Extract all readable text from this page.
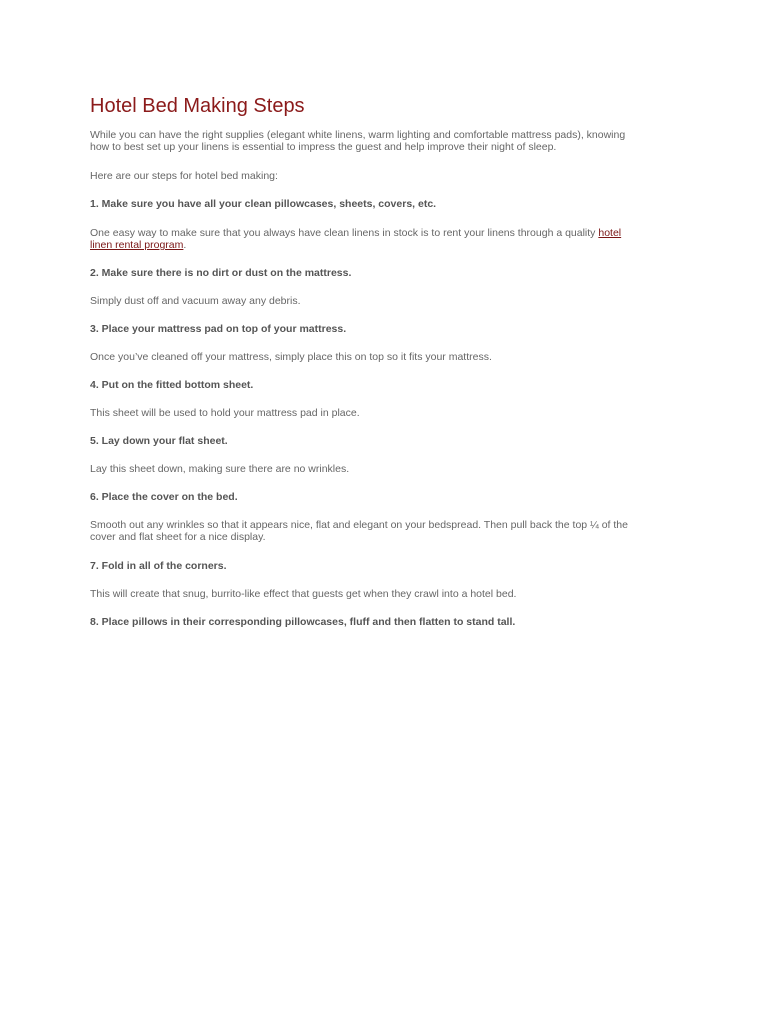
Hotel Bed Making Steps
While you can have the right supplies (elegant white linens, warm lighting and comfortable mattress pads), knowing
how to best set up your linens is essential to impress the guest and help improve their night of sleep.
Here are our steps for hotel bed making:
1. Make sure you have all your clean pillowcases, sheets, covers, etc.
One easy way to make sure that you always have clean linens in stock is to rent your linens through a quality hotel
linen rental program.
2. Make sure there is no dirt or dust on the mattress.
Simply dust off and vacuum away any debris.
3. Place your mattress pad on top of your mattress.
Once you’ve cleaned off your mattress, simply place this on top so it fits your mattress.
4. Put on the fitted bottom sheet.
This sheet will be used to hold your mattress pad in place.
5. Lay down your flat sheet.
Lay this sheet down, making sure there are no wrinkles.
6. Place the cover on the bed.
Smooth out any wrinkles so that it appears nice, flat and elegant on your bedspread. Then pull back the top ¼ of the
cover and flat sheet for a nice display.
7. Fold in all of the corners.
This will create that snug, burrito-like effect that guests get when they crawl into a hotel bed.
8. Place pillows in their corresponding pillowcases, fluff and then flatten to stand tall.
